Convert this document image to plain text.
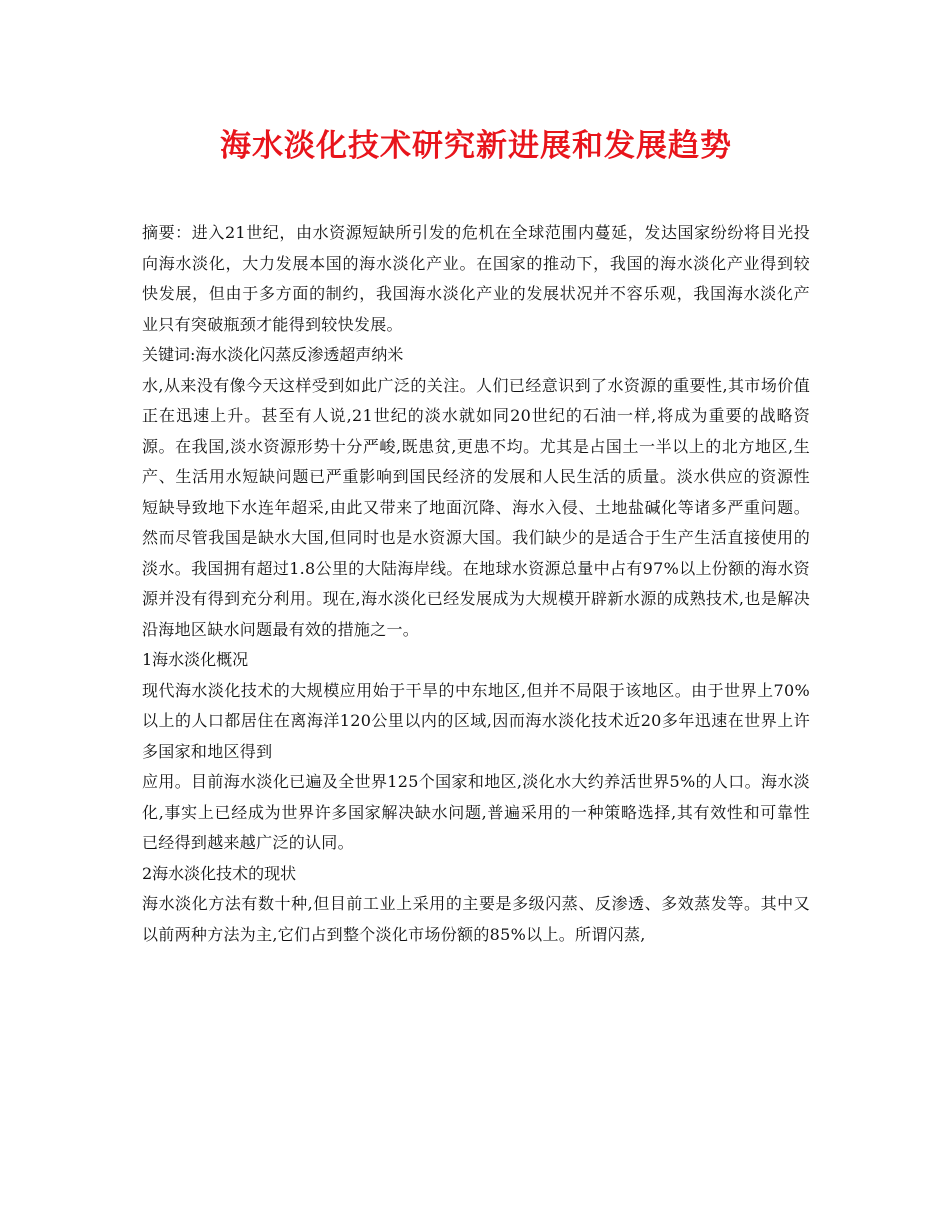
海水淡化技术研究新进展和发展趋势

摘要：进入21世纪，由水资源短缺所引发的危机在全球范围内蔓延，发达国家纷纷将目光投向海水淡化，大力发展本国的海水淡化产业。在国家的推动下，我国的海水淡化产业得到较快发展，但由于多方面的制约，我国海水淡化产业的发展状况并不容乐观，我国海水淡化产业只有突破瓶颈才能得到较快发展。

关键词:海水淡化闪蒸反渗透超声纳米

水,从来没有像今天这样受到如此广泛的关注。人们已经意识到了水资源的重要性,其市场价值正在迅速上升。甚至有人说,21世纪的淡水就如同20世纪的石油一样,将成为重要的战略资源。在我国,淡水资源形势十分严峻,既患贫,更患不均。尤其是占国土一半以上的北方地区,生产、生活用水短缺问题已严重影响到国民经济的发展和人民生活的质量。淡水供应的资源性短缺导致地下水连年超采,由此又带来了地面沉降、海水入侵、土地盐碱化等诸多严重问题。然而尽管我国是缺水大国,但同时也是水资源大国。我们缺少的是适合于生产生活直接使用的淡水。我国拥有超过1.8公里的大陆海岸线。在地球水资源总量中占有97%以上份额的海水资源并没有得到充分利用。现在,海水淡化已经发展成为大规模开辟新水源的成熟技术,也是解决沿海地区缺水问题最有效的措施之一。

1海水淡化概况

现代海水淡化技术的大规模应用始于干旱的中东地区,但并不局限于该地区。由于世界上70%以上的人口都居住在离海洋120公里以内的区域,因而海水淡化技术近20多年迅速在世界上许多国家和地区得到

应用。目前海水淡化已遍及全世界125个国家和地区,淡化水大约养活世界5%的人口。海水淡化,事实上已经成为世界许多国家解决缺水问题,普遍采用的一种策略选择,其有效性和可靠性已经得到越来越广泛的认同。

2海水淡化技术的现状

海水淡化方法有数十种,但目前工业上采用的主要是多级闪蒸、反渗透、多效蒸发等。其中又以前两种方法为主,它们占到整个淡化市场份额的85%以上。所谓闪蒸,
